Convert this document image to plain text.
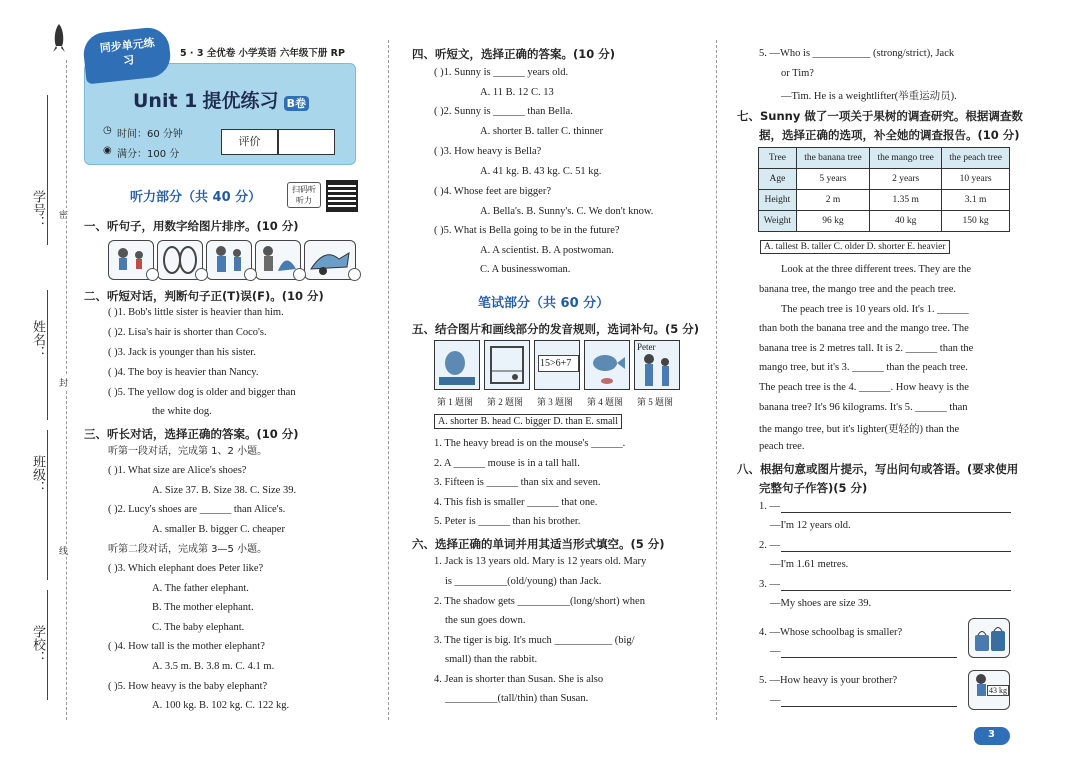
学号：
姓名：
班级：
学校：
密
封
线
同步单元练习	5 · 3 全优卷 小学英语 六年级下册 RP
Unit 1 提优练习 B卷
◷ 时间：60 分钟
◉ 满分：100 分
评价
听力部分（共 40 分）
扫码听听力
一、听句子，用数字给图片排序。(10 分)
二、听短对话，判断句子正(T)误(F)。(10 分)
( )1. Bob's little sister is heavier than him.
( )2. Lisa's hair is shorter than Coco's.
( )3. Jack is younger than his sister.
( )4. The boy is heavier than Nancy.
( )5. The yellow dog is older and bigger than
the white dog.
三、听长对话，选择正确的答案。(10 分)
听第一段对话，完成第 1、2 小题。
( )1. What size are Alice's shoes?
A. Size 37. B. Size 38. C. Size 39.
( )2. Lucy's shoes are ______ than Alice's.
A. smaller B. bigger C. cheaper
听第二段对话，完成第 3—5 小题。
( )3. Which elephant does Peter like?
A. The father elephant.
B. The mother elephant.
C. The baby elephant.
( )4. How tall is the mother elephant?
A. 3.5 m. B. 3.8 m. C. 4.1 m.
( )5. How heavy is the baby elephant?
A. 100 kg. B. 102 kg. C. 122 kg.
四、听短文，选择正确的答案。(10 分)
( )1. Sunny is ______ years old.
A. 11 B. 12 C. 13
( )2. Sunny is ______ than Bella.
A. shorter B. taller C. thinner
( )3. How heavy is Bella?
A. 41 kg. B. 43 kg. C. 51 kg.
( )4. Whose feet are bigger?
A. Bella's. B. Sunny's. C. We don't know.
( )5. What is Bella going to be in the future?
A. A scientist. B. A postwoman.
C. A businesswoman.
笔试部分（共 60 分）
五、结合图片和画线部分的发音规则，选词补句。(5 分)
15>6+7
Peter
第 1 题图 第 2 题图 第 3 题图 第 4 题图 第 5 题图
A. shorter B. head C. bigger D. than E. small
1. The heavy bread is on the mouse's ______.
2. A ______ mouse is in a tall hall.
3. Fifteen is ______ than six and seven.
4. This fish is smaller ______ that one.
5. Peter is ______ than his brother.
六、选择正确的单词并用其适当形式填空。(5 分)
1. Jack is 13 years old. Mary is 12 years old. Mary
is __________(old/young) than Jack.
2. The shadow gets __________(long/short) when
the sun goes down.
3. The tiger is big. It's much ___________ (big/
small) than the rabbit.
4. Jean is shorter than Susan. She is also
__________(tall/thin) than Susan.
5. —Who is ___________ (strong/strict), Jack
or Tim?
—Tim. He is a weightlifter(举重运动员).
七、Sunny 做了一项关于果树的调查研究。根据调查数
据，选择正确的选项，补全她的调查报告。(10 分)
Tree	the banana tree	the mango tree	the peach tree
Age	5 years	2 years	10 years
Height	2 m	1.35 m	3.1 m
Weight	96 kg	40 kg	150 kg
A. tallest B. taller C. older D. shorter E. heavier
Look at the three different trees. They are the
banana tree, the mango tree and the peach tree.
The peach tree is 10 years old. It's 1. ______
than both the banana tree and the mango tree. The
banana tree is 2 metres tall. It is 2. ______ than the
mango tree, but it's 3. ______ than the peach tree.
The peach tree is the 4. ______. How heavy is the
banana tree? It's 96 kilograms. It's 5. ______ than
the mango tree, but it's lighter(更轻的) than the
peach tree.
八、根据句意或图片提示，写出问句或答语。(要求使用
完整句子作答)(5 分)
1. —
—I'm 12 years old.
2. —
—I'm 1.61 metres.
3. —
—My shoes are size 39.
4. —Whose schoolbag is smaller?
—
5. —How heavy is your brother?
—
43 kg
3
